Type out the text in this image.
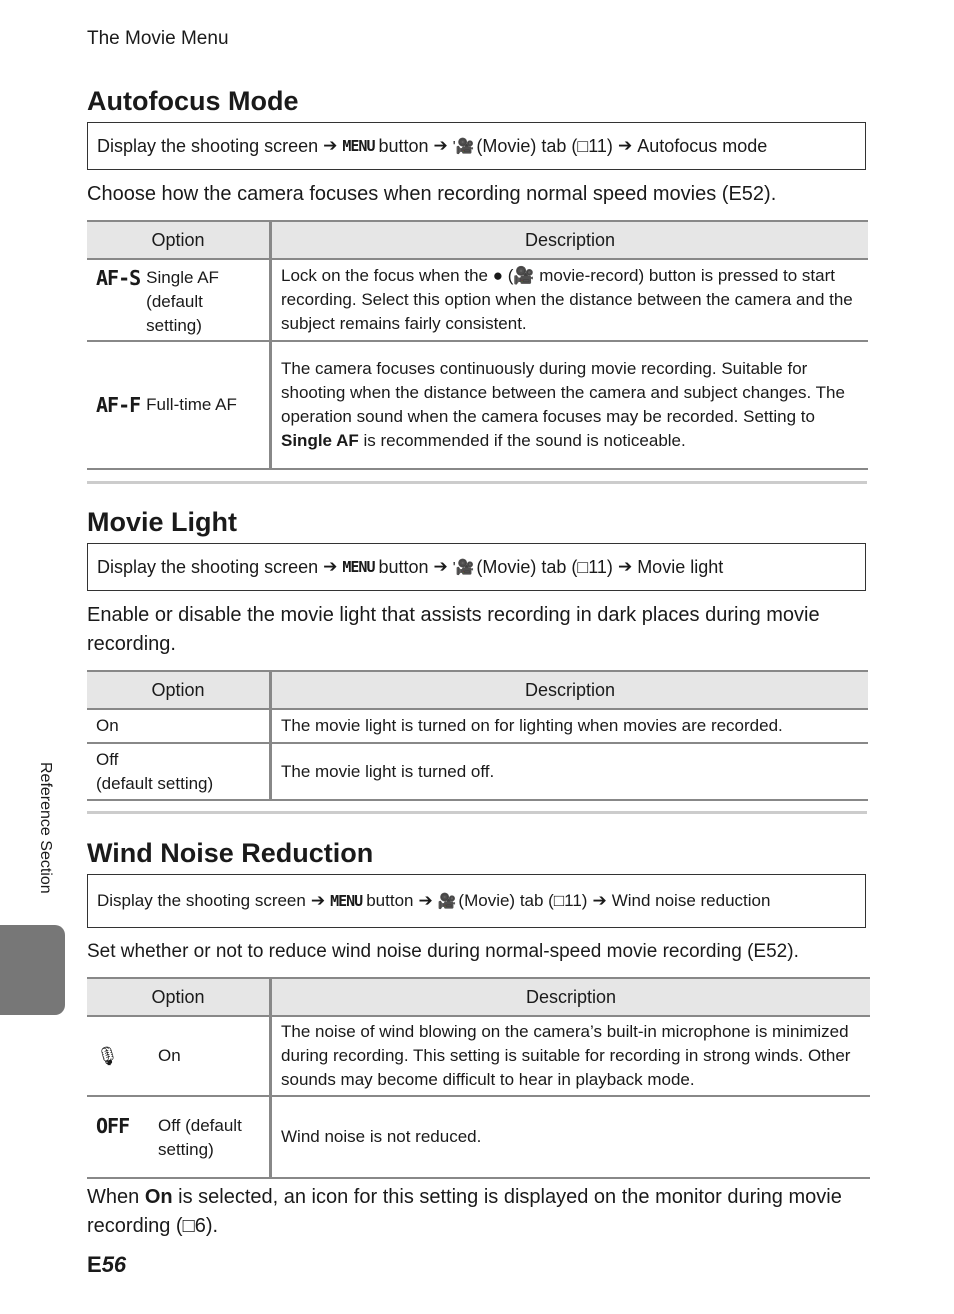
The Movie Menu
Autofocus Mode
Display the shooting screen ➔ MENU button ➔ '🎥 (Movie) tab ( □ 11) ➔ Autofocus mode

Choose how the camera focuses when recording normal speed movies (E52).

Option	Description

AF-S Single AF (default setting)	Lock on the focus when the ● (🎥 movie-record) button is pressed to start recording. Select this option when the distance between the camera and the subject remains fairly consistent.

AF-F Full-time AF	The camera focuses continuously during movie recording. Suitable for shooting when the distance between the camera and subject changes. The operation sound when the camera focuses may be recorded. Setting to Single AF is recommended if the sound is noticeable.
Movie Light
Display the shooting screen ➔ MENU button ➔ '🎥 (Movie) tab ( □ 11) ➔ Movie light

Enable or disable the movie light that assists recording in dark places during movie recording.

Option	Description
On	The movie light is turned on for lighting when movies are recorded.

Off
(default setting)	The movie light is turned off.
Wind Noise Reduction
Display the shooting screen ➔ MENU button ➔ 🎥 (Movie) tab ( □ 11) ➔ Wind noise reduction

Set whether or not to reduce wind noise during normal-speed movie recording (E52).

Option	Description

🎙 On	The noise of wind blowing on the camera’s built-in microphone is minimized during recording. This setting is suitable for recording in strong winds. Other sounds may become difficult to hear in playback mode.

OFF Off (default setting)	Wind noise is not reduced.

When On is selected, an icon for this setting is displayed on the monitor during movie recording (□6).

Reference Section
E56
